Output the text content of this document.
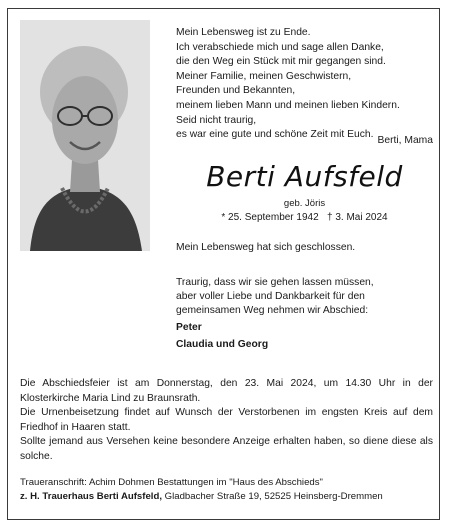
Mein Lebensweg ist zu Ende.
Ich verabschiede mich und sage allen Danke,
die den Weg ein Stück mit mir gegangen sind.
Meiner Familie, meinen Geschwistern,
Freunden und Bekannten,
meinem lieben Mann und meinen lieben Kindern.
Seid nicht traurig,
es war eine gute und schöne Zeit mit Euch.
Berti, Mama
Berti Aufsfeld
geb. Jöris
* 25. September 1942   † 3. Mai 2024
Mein Lebensweg hat sich geschlossen.
Traurig, dass wir sie gehen lassen müssen,
aber voller Liebe und Dankbarkeit für den
gemeinsamen Weg nehmen wir Abschied:
Peter
Claudia und Georg
Die Abschiedsfeier ist am Donnerstag, den 23. Mai 2024, um 14.30 Uhr in der Klosterkirche Maria Lind zu Braunsrath.
Die Urnenbeisetzung findet auf Wunsch der Verstorbenen im engsten Kreis auf dem Friedhof in Haaren statt.
Sollte jemand aus Versehen keine besondere Anzeige erhalten haben, so diene diese als solche.
Traueranschrift: Achim Dohmen Bestattungen im "Haus des Abschieds"
z. H. Trauerhaus Berti Aufsfeld, Gladbacher Straße 19, 52525 Heinsberg-Dremmen
